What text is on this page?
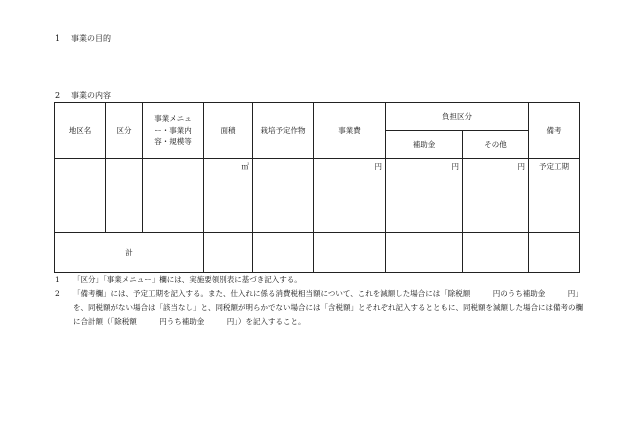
1 事業の目的
2 事業の内容
地区名	区分	事業メニュー・事業内容・規模等	面積	栽培予定作物	事業費	負担区分		備考
						補助金	その他	
			㎡		円	円	円	予定工期
計								
1	「区分」「事業メニュー」欄には、実施要領別表に基づき記入する。
2	「備考欄」には、予定工期を記入する。また、仕入れに係る消費税相当額について、これを減額した場合には「除税額　　　円のうち補助金　　　円」を、同税額がない場合は「該当なし」と、同税額が明らかでない場合には「含税額」とそれぞれ記入するとともに、同税額を減額した場合には備考の欄に合計額（「除税額　　　円うち補助金　　　円」）を記入すること。
